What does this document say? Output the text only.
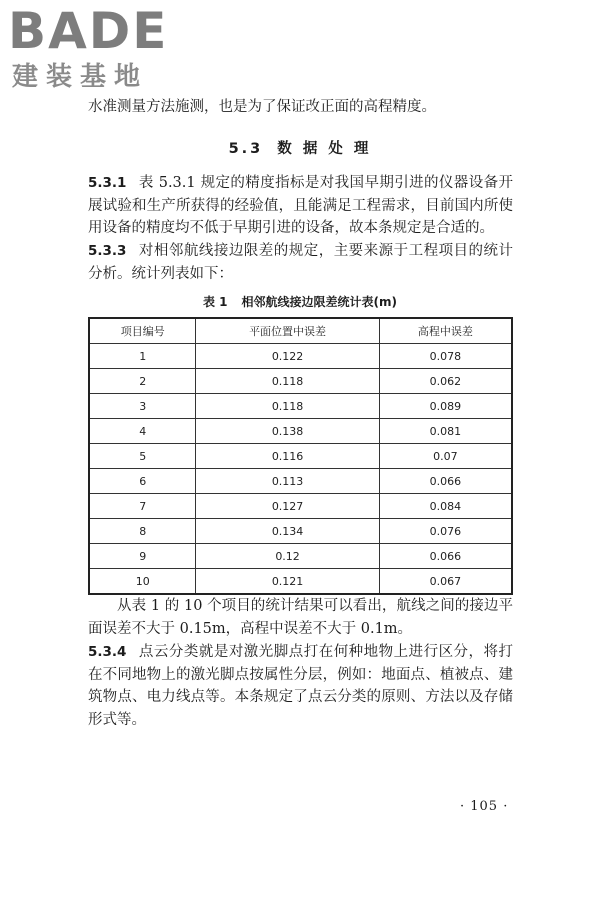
BADE
建装基地

水准测量方法施测，也是为了保证改正面的高程精度。

5.3 数 据 处 理

5.3.1 表 5.3.1 规定的精度指标是对我国早期引进的仪器设备开展试验和生产所获得的经验值，且能满足工程需求，目前国内所使用设备的精度均不低于早期引进的设备，故本条规定是合适的。

5.3.3 对相邻航线接边限差的规定，主要来源于工程项目的统计分析。统计列表如下：

表 1 相邻航线接边限差统计表(m)
项目编号	平面位置中误差	高程中误差
1	0.122	0.078
2	0.118	0.062
3	0.118	0.089
4	0.138	0.081
5	0.116	0.07
6	0.113	0.066
7	0.127	0.084
8	0.134	0.076
9	0.12	0.066
10	0.121	0.067

从表 1 的 10 个项目的统计结果可以看出，航线之间的接边平面误差不大于 0.15m，高程中误差不大于 0.1m。

5.3.4 点云分类就是对激光脚点打在何种地物上进行区分，将打在不同地物上的激光脚点按属性分层，例如：地面点、植被点、建筑物点、电力线点等。本条规定了点云分类的原则、方法以及存储形式等。

· 105 ·
